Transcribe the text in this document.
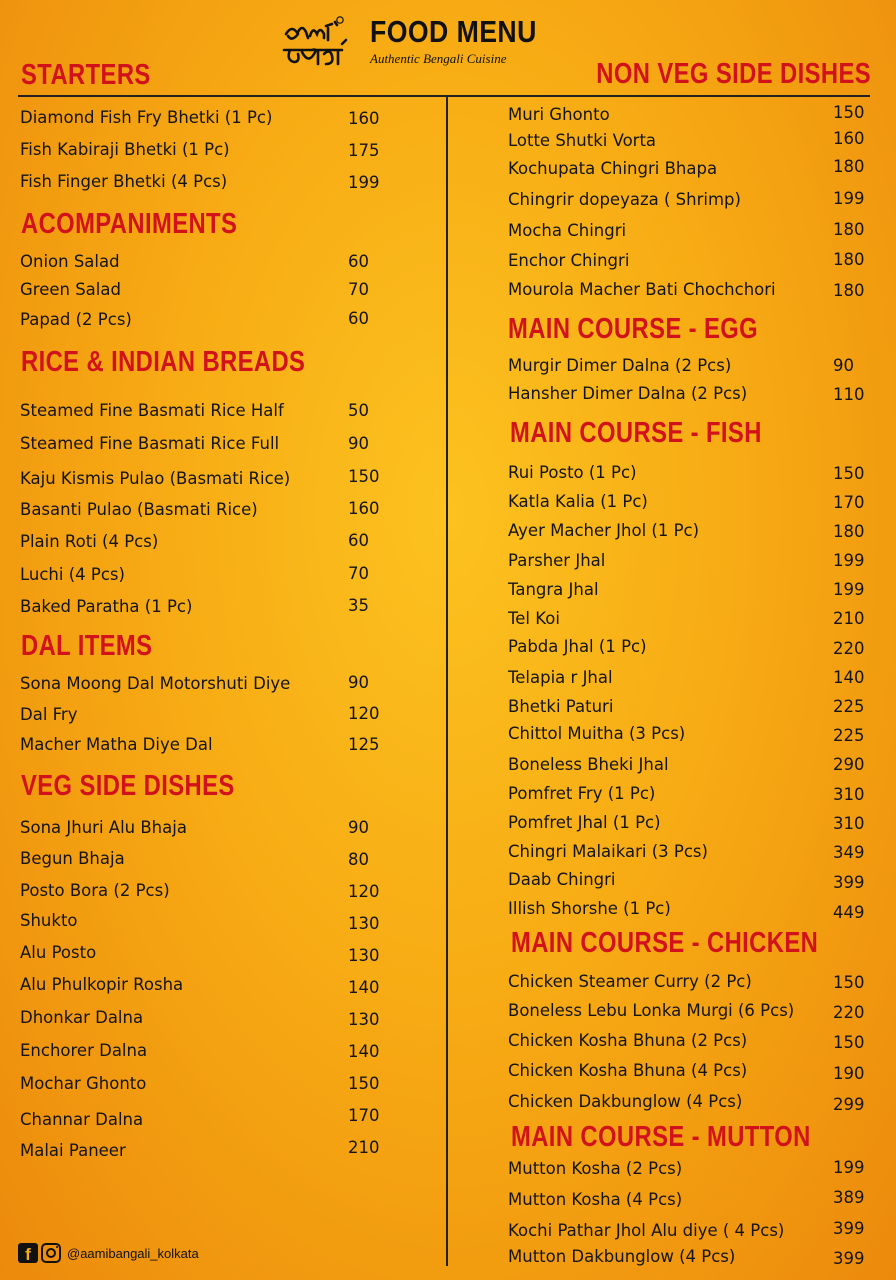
FOOD MENU
Authentic Bengali Cuisine
STARTERS	NON VEG SIDE DISHES
ACOMPANIMENTS
RICE & INDIAN BREADS
DAL ITEMS
VEG SIDE DISHES
MAIN COURSE - EGG
MAIN COURSE - FISH
MAIN COURSE - CHICKEN
MAIN COURSE - MUTTON
Diamond Fish Fry Bhetki (1 Pc)	160
Fish Kabiraji Bhetki (1 Pc)	175
Fish Finger Bhetki (4 Pcs)	199
Onion Salad	60
Green Salad	70
Papad (2 Pcs)	60
Steamed Fine Basmati Rice Half	50
Steamed Fine Basmati Rice Full	90
Kaju Kismis Pulao (Basmati Rice)	150
Basanti Pulao (Basmati Rice)	160
Plain Roti (4 Pcs)	60
Luchi (4 Pcs)	70
Baked Paratha (1 Pc)	35
Sona Moong Dal Motorshuti Diye	90
Dal Fry	120
Macher Matha Diye Dal	125
Sona Jhuri Alu Bhaja	90
Begun Bhaja	80
Posto Bora (2 Pcs)	120
Shukto	130
Alu Posto	130
Alu Phulkopir Rosha	140
Dhonkar Dalna	130
Enchorer Dalna	140
Mochar Ghonto	150
Channar Dalna	170
Malai Paneer	210
Muri Ghonto	150
Lotte Shutki Vorta	160
Kochupata Chingri Bhapa	180
Chingrir dopeyaza ( Shrimp)	199
Mocha Chingri	180
Enchor Chingri	180
Mourola Macher Bati Chochchori	180
Murgir Dimer Dalna (2 Pcs)	90
Hansher Dimer Dalna (2 Pcs)	110
Rui Posto (1 Pc)	150
Katla Kalia (1 Pc)	170
Ayer Macher Jhol (1 Pc)	180
Parsher Jhal	199
Tangra Jhal	199
Tel Koi	210
Pabda Jhal (1 Pc)	220
Telapia r Jhal	140
Bhetki Paturi	225
Chittol Muitha (3 Pcs)	225
Boneless Bheki Jhal	290
Pomfret Fry (1 Pc)	310
Pomfret Jhal (1 Pc)	310
Chingri Malaikari (3 Pcs)	349
Daab Chingri	399
Illish Shorshe (1 Pc)	449
Chicken Steamer Curry (2 Pc)	150
Boneless Lebu Lonka Murgi (6 Pcs) 220
Chicken Kosha Bhuna (2 Pcs)	150
Chicken Kosha Bhuna (4 Pcs)	190
Chicken Dakbunglow (4 Pcs)	299
Mutton Kosha (2 Pcs)	199
Mutton Kosha (4 Pcs)	389
Kochi Pathar Jhol Alu diye ( 4 Pcs)	399
Mutton Dakbunglow (4 Pcs)	399
f	@aamibangali_kolkata
